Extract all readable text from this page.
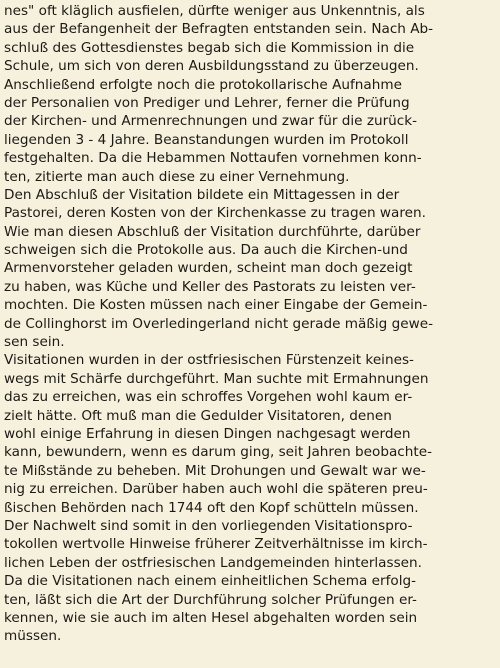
nes" oft kläglich ausfielen, dürfte weniger aus Unkenntnis, als
aus der Befangenheit der Befragten entstanden sein. Nach Ab-
schluß des Gottesdienstes begab sich die Kommission in die
Schule, um sich von deren Ausbildungsstand zu überzeugen.
Anschließend erfolgte noch die protokollarische Aufnahme
der Personalien von Prediger und Lehrer, ferner die Prüfung
der Kirchen- und Armenrechnungen und zwar für die zurück-
liegenden 3 - 4 Jahre. Beanstandungen wurden im Protokoll
festgehalten. Da die Hebammen Nottaufen vornehmen konn-
ten, zitierte man auch diese zu einer Vernehmung.
Den Abschluß der Visitation bildete ein Mittagessen in der
Pastorei, deren Kosten von der Kirchenkasse zu tragen waren.
Wie man diesen Abschluß der Visitation durchführte, darüber
schweigen sich die Protokolle aus. Da auch die Kirchen-und
Armenvorsteher geladen wurden, scheint man doch gezeigt
zu haben, was Küche und Keller des Pastorats zu leisten ver-
mochten. Die Kosten müssen nach einer Eingabe der Gemein-
de Collinghorst im Overledingerland nicht gerade mäßig gewe-
sen sein.
Visitationen wurden in der ostfriesischen Fürstenzeit keines-
wegs mit Schärfe durchgeführt. Man suchte mit Ermahnungen
das zu erreichen, was ein schroffes Vorgehen wohl kaum er-
zielt hätte. Oft muß man die Gedulder Visitatoren, denen
wohl einige Erfahrung in diesen Dingen nachgesagt werden
kann, bewundern, wenn es darum ging, seit Jahren beobachte-
te Mißstände zu beheben. Mit Drohungen und Gewalt war we-
nig zu erreichen. Darüber haben auch wohl die späteren preu-
ßischen Behörden nach 1744 oft den Kopf schütteln müssen.
Der Nachwelt sind somit in den vorliegenden Visitationspro-
tokollen wertvolle Hinweise früherer Zeitverhältnisse im kirch-
lichen Leben der ostfriesischen Landgemeinden hinterlassen.
Da die Visitationen nach einem einheitlichen Schema erfolg-
ten, läßt sich die Art der Durchführung solcher Prüfungen er-
kennen, wie sie auch im alten Hesel abgehalten worden sein
müssen.
